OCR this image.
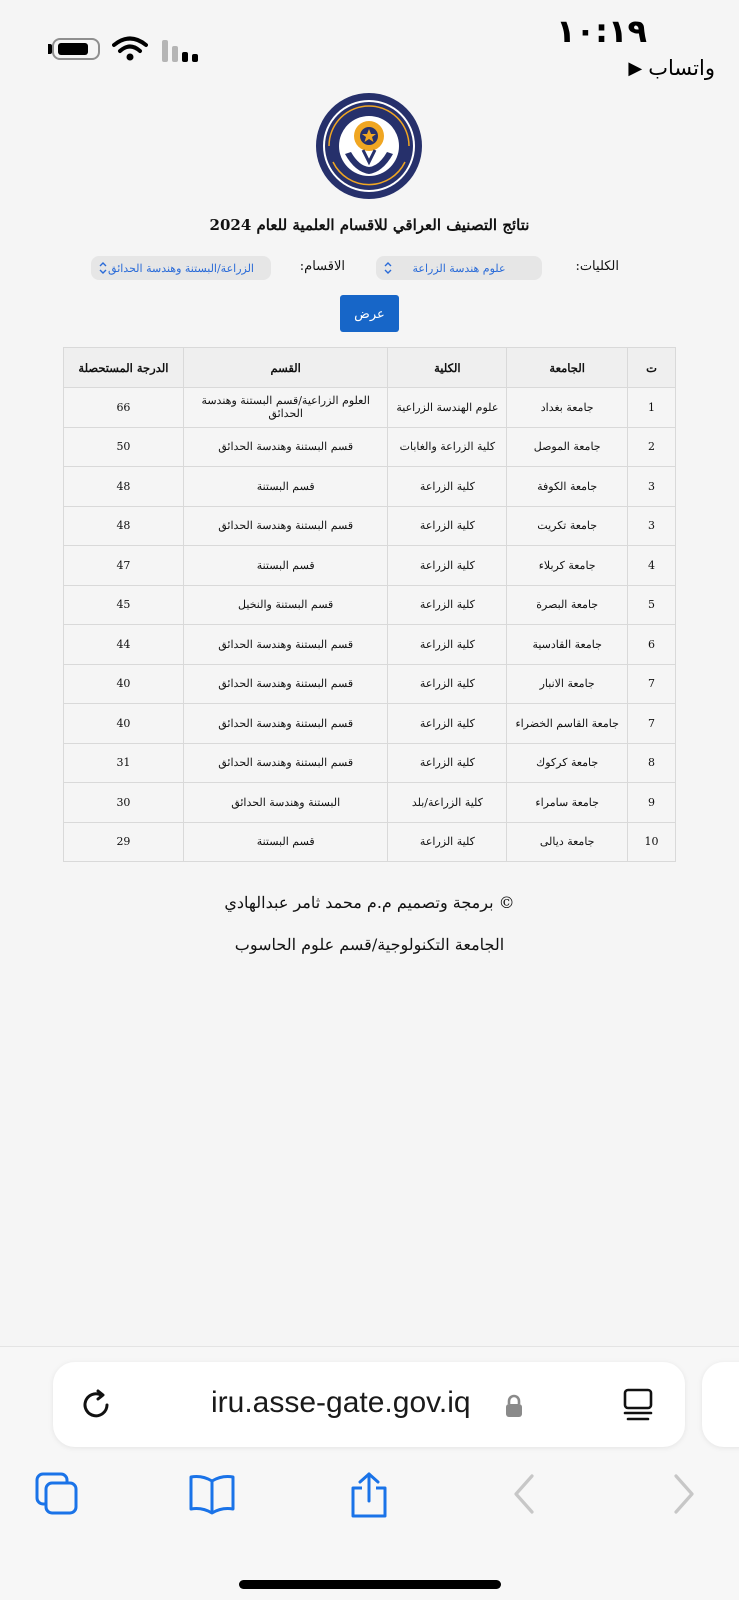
١٠:١٩
واتساب
▶
نتائج التصنيف العراقي للاقسام العلمية للعام 2024
الكليات:
علوم هندسة الزراعة
الاقسام:
الزراعة/البستنة وهندسة الحدائق
عرض
ت	الجامعة	الكلية	القسم	الدرجة المستحصلة
1	جامعة بغداد	علوم الهندسة الزراعية	العلوم الزراعية/قسم البستنة وهندسة الحدائق	66
2	جامعة الموصل	كلية الزراعة والغابات	قسم البستنة وهندسة الحدائق	50
3	جامعة الكوفة	كلية الزراعة	قسم البستنة	48
3	جامعة تكريت	كلية الزراعة	قسم البستنة وهندسة الحدائق	48
4	جامعة كربلاء	كلية الزراعة	قسم البستنة	47
5	جامعة البصرة	كلية الزراعة	قسم البستنة والنخيل	45
6	جامعة القادسية	كلية الزراعة	قسم البستنة وهندسة الحدائق	44
7	جامعة الانبار	كلية الزراعة	قسم البستنة وهندسة الحدائق	40
7	جامعة القاسم الخضراء	كلية الزراعة	قسم البستنة وهندسة الحدائق	40
8	جامعة كركوك	كلية الزراعة	قسم البستنة وهندسة الحدائق	31
9	جامعة سامراء	كلية الزراعة/بلد	البستنة وهندسة الحدائق	30
10	جامعة ديالى	كلية الزراعة	قسم البستنة	29
© برمجة وتصميم م.م محمد ثامر عبدالهادي
الجامعة التكنولوجية/قسم علوم الحاسوب
iru.asse-gate.gov.iq
